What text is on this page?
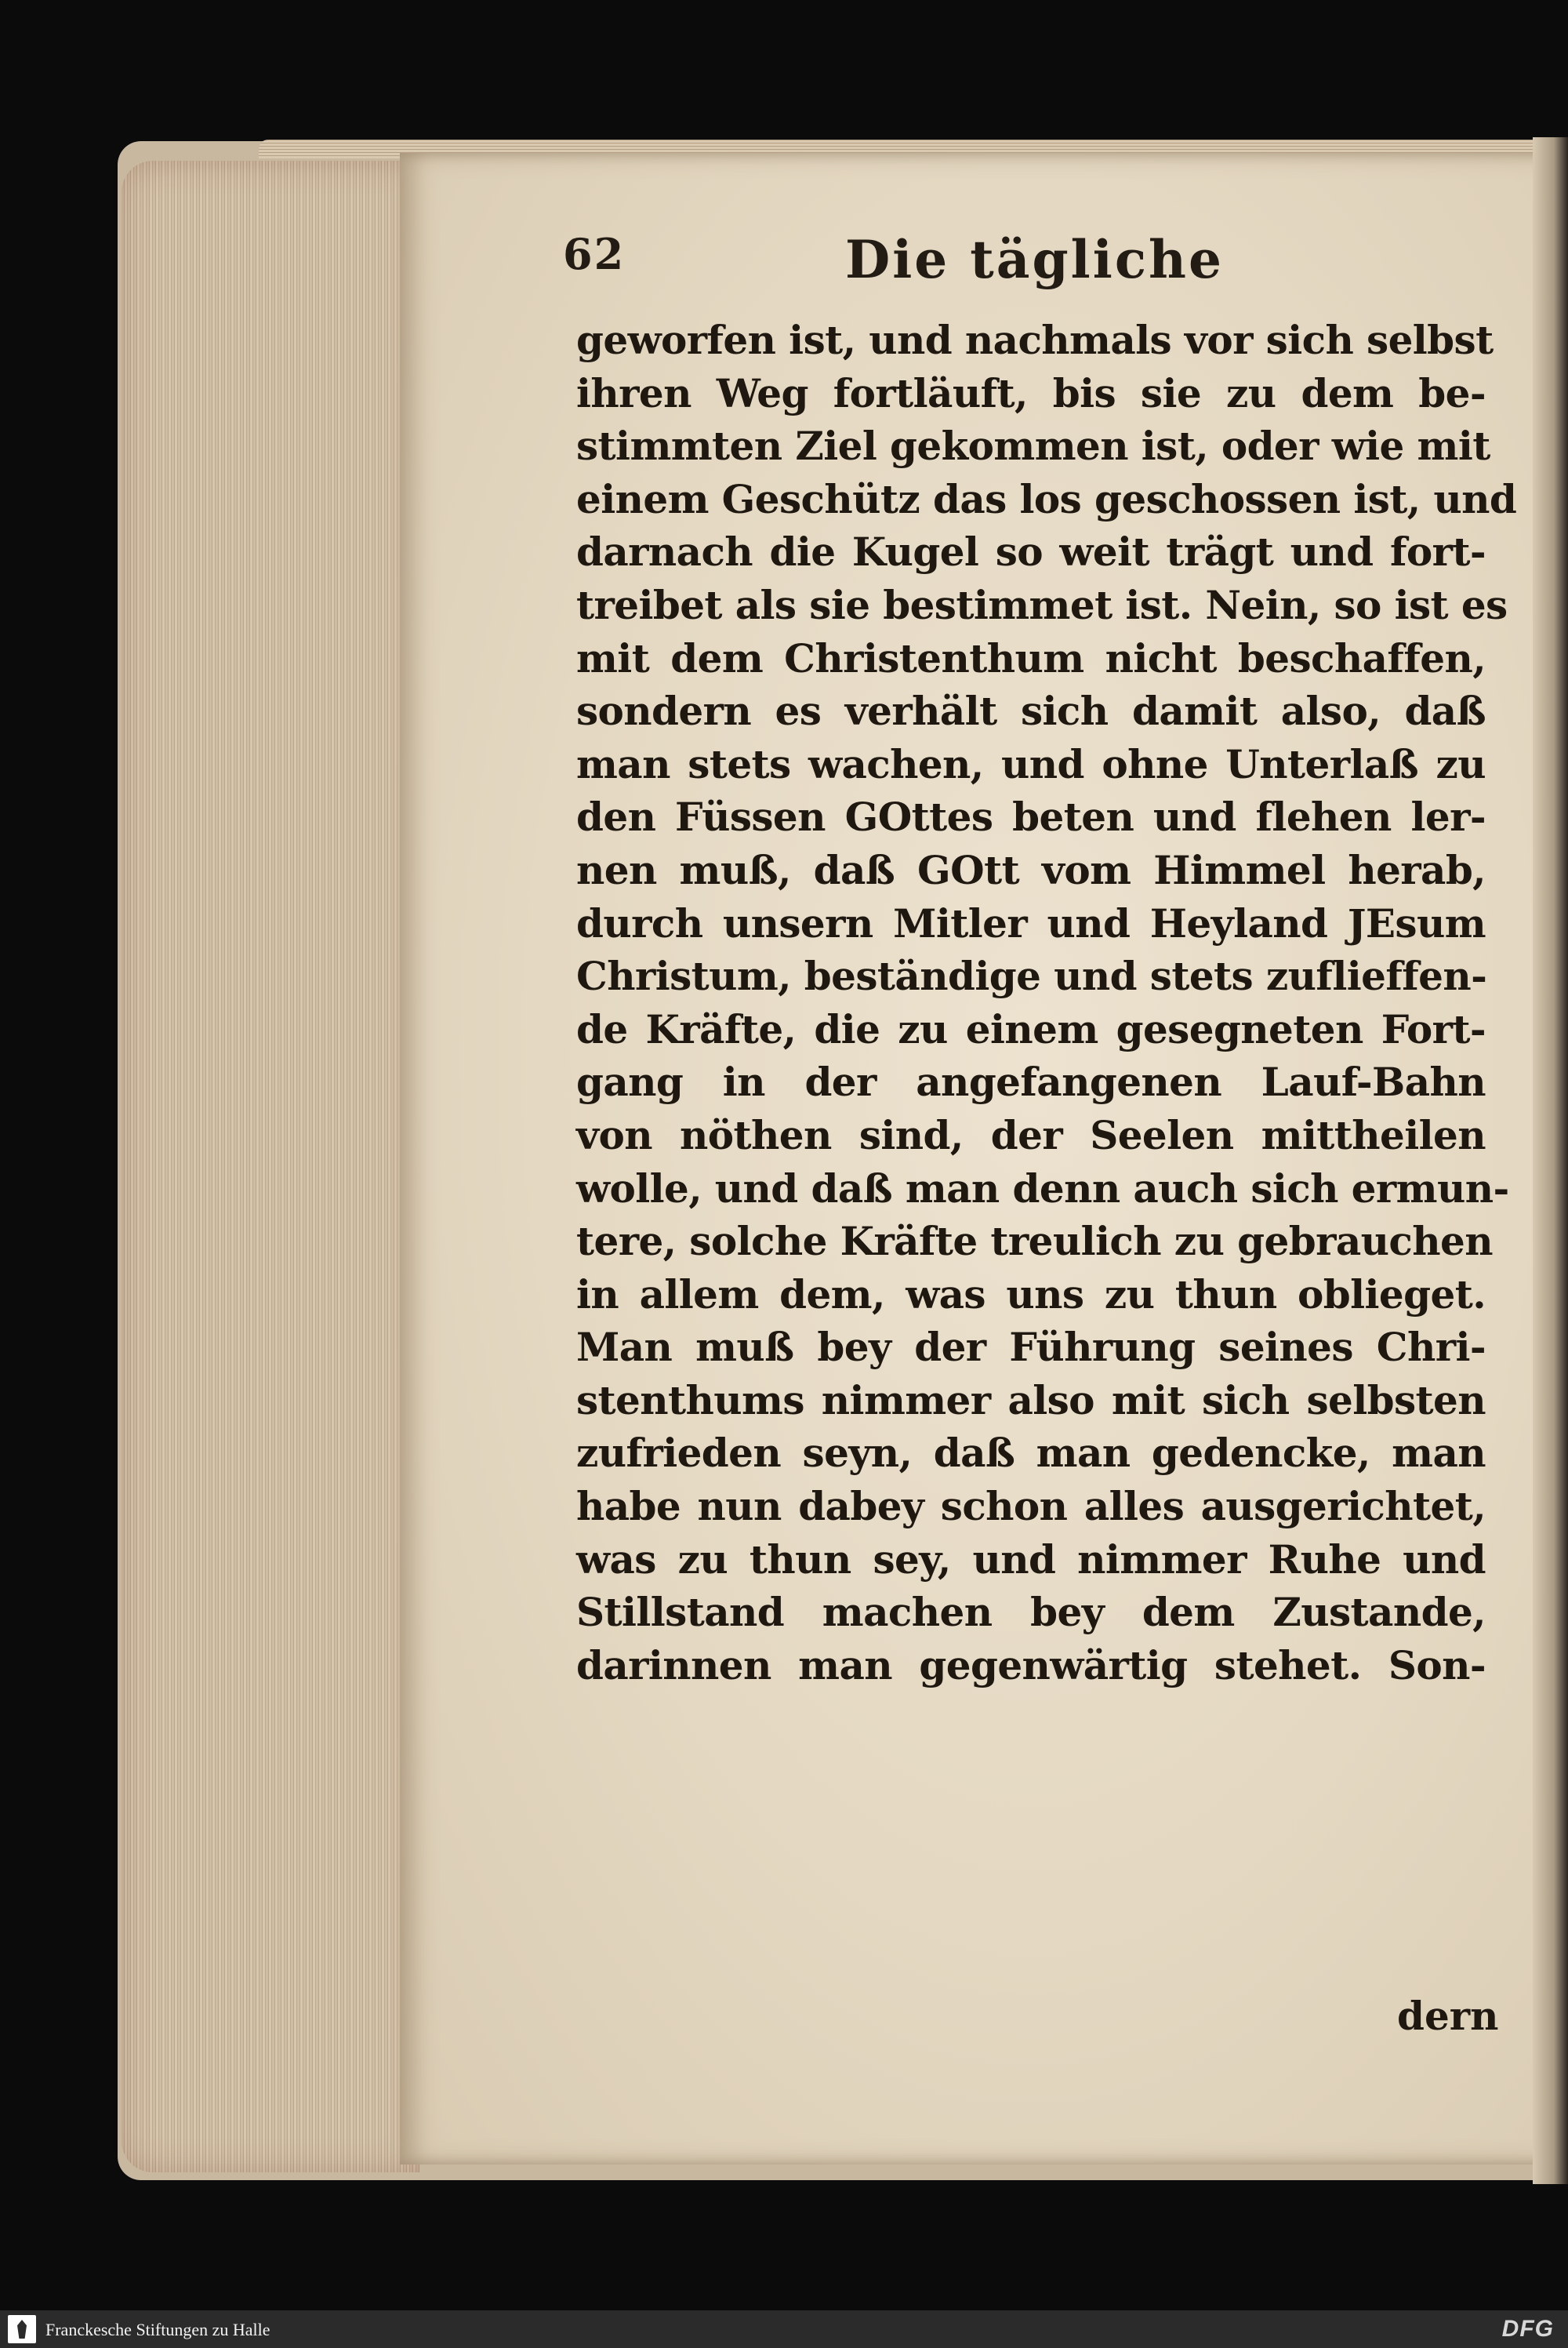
62	Die tägliche
geworfen ist, und nachmals vor sich selbst
ihren Weg fortläuft, bis sie zu dem be-
stimmten Ziel gekommen ist, oder wie mit
einem Geschütz das los geschossen ist, und
darnach die Kugel so weit trägt und fort-
treibet als sie bestimmet ist. Nein, so ist es
mit dem Christenthum nicht beschaffen,
sondern es verhält sich damit also, daß
man stets wachen, und ohne Unterlaß zu
den Füssen GOttes beten und flehen ler-
nen muß, daß GOtt vom Himmel herab,
durch unsern Mitler und Heyland JEsum
Christum, beständige und stets zuflieffen-
de Kräfte, die zu einem gesegneten Fort-
gang in der angefangenen Lauf-Bahn
von nöthen sind, der Seelen mittheilen
wolle, und daß man denn auch sich ermun-
tere, solche Kräfte treulich zu gebrauchen
in allem dem, was uns zu thun oblieget.
Man muß bey der Führung seines Chri-
stenthums nimmer also mit sich selbsten
zufrieden seyn, daß man gedencke, man
habe nun dabey schon alles ausgerichtet,
was zu thun sey, und nimmer Ruhe und
Stillstand machen bey dem Zustande,
darinnen man gegenwärtig stehet. Son-
dern
Franckesche Stiftungen zu Halle	DFG
